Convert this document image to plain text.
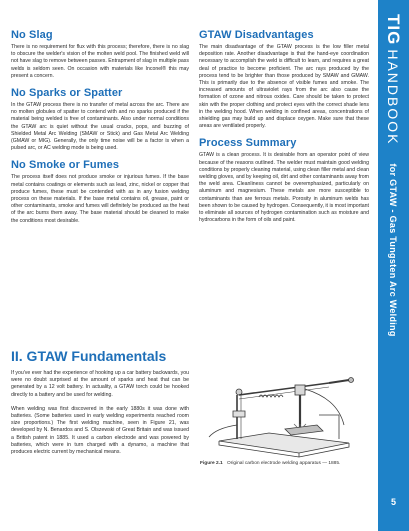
No Slag

There is no requirement for flux with this process; therefore, there is no slag to obscure the welder's vision of the molten weld pool. The finished weld will not have slag to remove between passes. Entrapment of slag in multiple pass welds is seldom seen. On occasion with materials like Inconel® this may present a concern.

No Sparks or Spatter

In the GTAW process there is no transfer of metal across the arc. There are no molten globules of spatter to contend with and no sparks produced if the material being welded is free of contaminants. Also under normal conditions the GTAW arc is quiet without the usual cracks, pops, and buzzing of Shielded Metal Arc Welding (SMAW or Stick) and Gas Metal Arc Welding (GMAW or MIG). Generally, the only time noise will be a factor is when a pulsed arc, or AC welding mode is being used.

No Smoke or Fumes

The process itself does not produce smoke or injurious fumes. If the base metal contains coatings or elements such as lead, zinc, nickel or copper that produce fumes, these must be contended with as in any fusion welding process on these materials. If the base metal contains oil, grease, paint or other contaminants, smoke and fumes will definitely be produced as the heat of the arc burns them away. The base material should be cleaned to make the conditions most desirable.

GTAW Disadvantages

The main disadvantage of the GTAW process is the low filler metal deposition rate. Another disadvantage is that the hand-eye coordination necessary to accomplish the weld is difficult to learn, and requires a great deal of practice to become proficient. The arc rays produced by the process tend to be brighter than those produced by SMAW and GMAW. This is primarily due to the absence of visible fumes and smoke. The increased amounts of ultraviolet rays from the arc also cause the formation of ozone and nitrous oxides. Care should be taken to protect skin with the proper clothing and protect eyes with the correct shade lens in the welding hood. When welding in confined areas, concentrations of shielding gas may build up and displace oxygen. Make sure that these areas are ventilated properly.

Process Summary

GTAW is a clean process. It is desirable from an operator point of view because of the reasons outlined. The welder must maintain good welding conditions by properly cleaning material, using clean filler metal and clean welding gloves, and by keeping oil, dirt and other contaminants away from the weld area. Cleanliness cannot be overemphasized, particularly on aluminum and magnesium. These metals are more susceptible to contaminants than are ferrous metals. Porosity in aluminum welds has been shown to be caused by hydrogen. Consequently, it is most important to eliminate all sources of hydrogen contamination such as moisture and hydrocarbons in the form of oils and paint.

II. GTAW Fundamentals

If you've ever had the experience of hooking up a car battery backwards, you were no doubt surprised at the amount of sparks and heat that can be generated by a 12 volt battery. In actuality, a GTAW torch could be hooked directly to a battery and be used for welding.

When welding was first discovered in the early 1880s it was done with batteries. (Some batteries used in early welding experiments reached room size proportions.) The first welding machine, seen in Figure 21, was developed by N. Benardos and S. Olszewski of Great Britain and was issued a British patent in 1885. It used a carbon electrode and was powered by batteries, which were in turn charged with a dynamo, a machine that produces electric current by mechanical means.

Figure 2.1 Original carbon electrode welding apparatus — 1885.
TIG
HANDBOOK
for GTAW - Gas Tungsten Arc Welding
5
